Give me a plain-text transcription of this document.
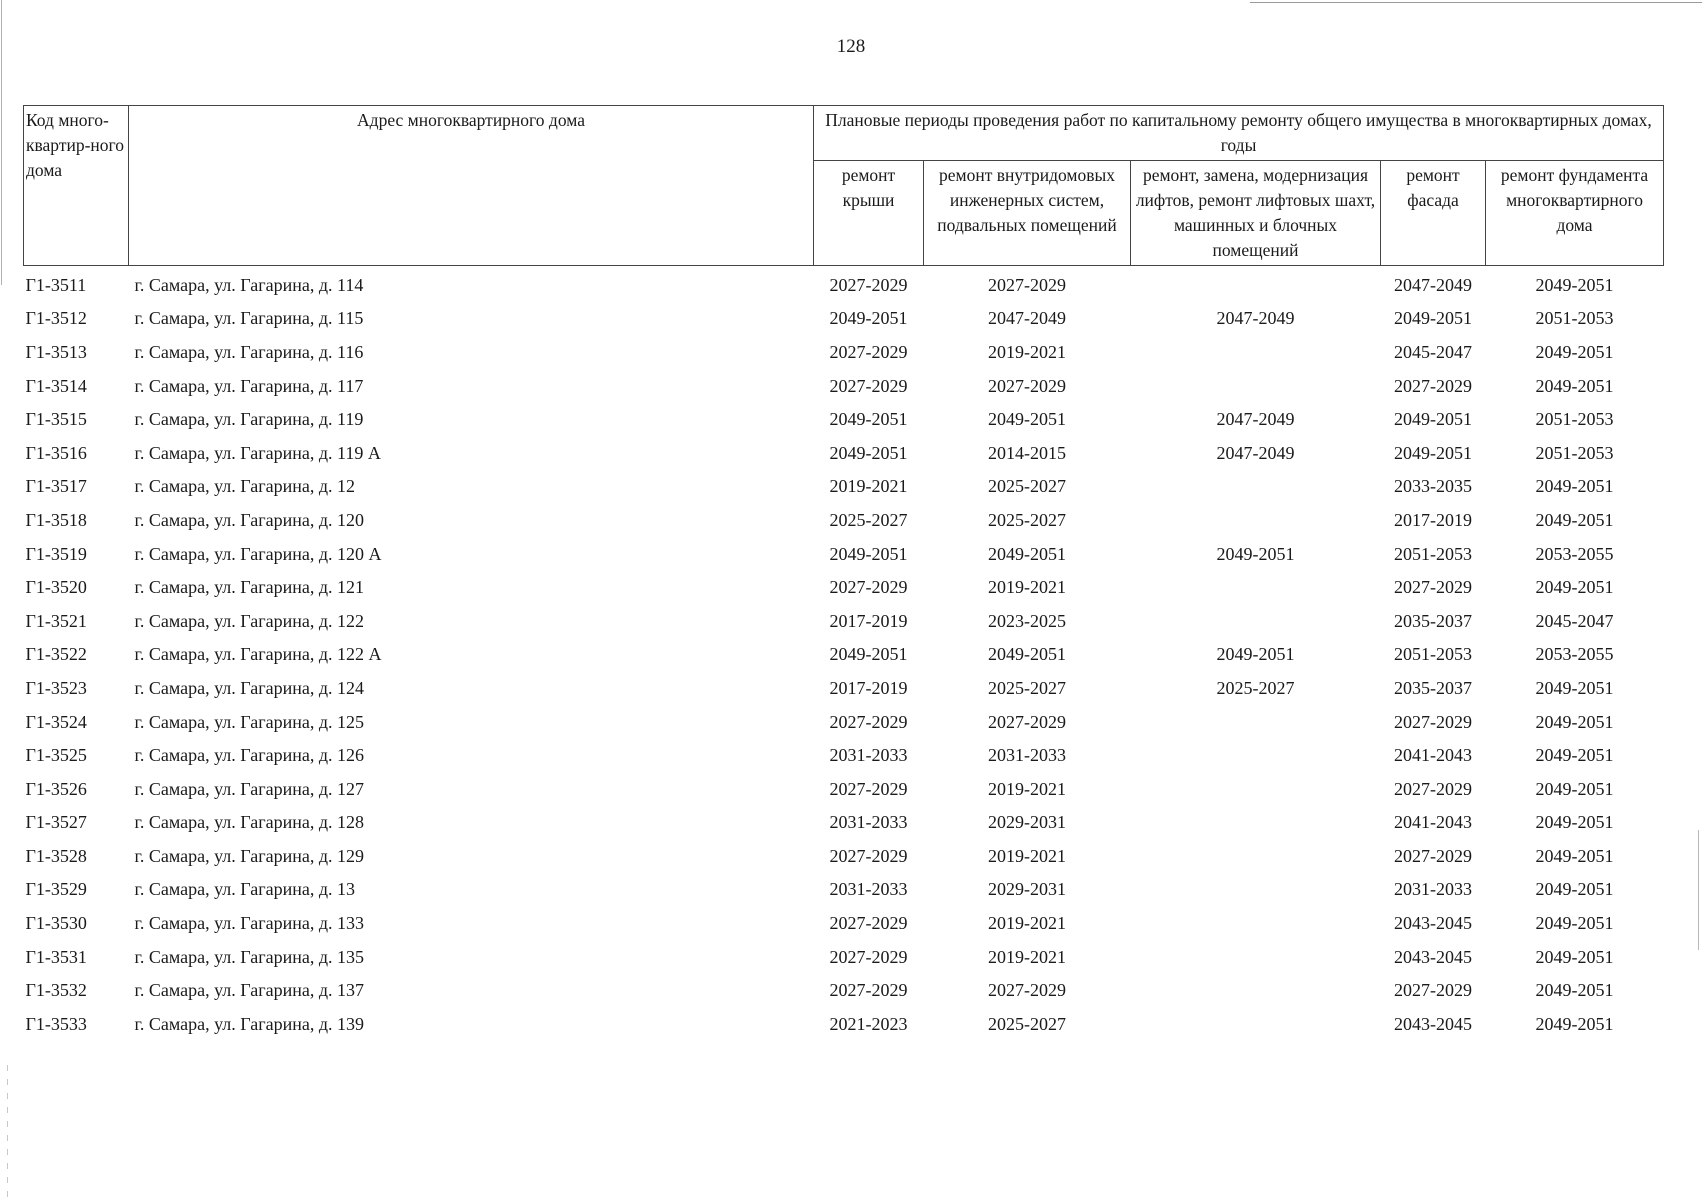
128
Код много-квартир-ного дома	Адрес многоквартирного дома	Плановые периоды проведения работ по капитальному ремонту общего имущества в многоквартирных домах, годы				
		ремонт крыши	ремонт внутридомовых инженерных систем, подвальных помещений	ремонт, замена, модернизация лифтов, ремонт лифтовых шахт, машинных и блочных помещений	ремонт фасада	ремонт фундамента многоквартирного дома
Г1-3511	г. Самара, ул. Гагарина, д. 114	2027-2029	2027-2029		2047-2049	2049-2051
Г1-3512	г. Самара, ул. Гагарина, д. 115	2049-2051	2047-2049	2047-2049	2049-2051	2051-2053
Г1-3513	г. Самара, ул. Гагарина, д. 116	2027-2029	2019-2021		2045-2047	2049-2051
Г1-3514	г. Самара, ул. Гагарина, д. 117	2027-2029	2027-2029		2027-2029	2049-2051
Г1-3515	г. Самара, ул. Гагарина, д. 119	2049-2051	2049-2051	2047-2049	2049-2051	2051-2053
Г1-3516	г. Самара, ул. Гагарина, д. 119 А	2049-2051	2014-2015	2047-2049	2049-2051	2051-2053
Г1-3517	г. Самара, ул. Гагарина, д. 12	2019-2021	2025-2027		2033-2035	2049-2051
Г1-3518	г. Самара, ул. Гагарина, д. 120	2025-2027	2025-2027		2017-2019	2049-2051
Г1-3519	г. Самара, ул. Гагарина, д. 120 А	2049-2051	2049-2051	2049-2051	2051-2053	2053-2055
Г1-3520	г. Самара, ул. Гагарина, д. 121	2027-2029	2019-2021		2027-2029	2049-2051
Г1-3521	г. Самара, ул. Гагарина, д. 122	2017-2019	2023-2025		2035-2037	2045-2047
Г1-3522	г. Самара, ул. Гагарина, д. 122 А	2049-2051	2049-2051	2049-2051	2051-2053	2053-2055
Г1-3523	г. Самара, ул. Гагарина, д. 124	2017-2019	2025-2027	2025-2027	2035-2037	2049-2051
Г1-3524	г. Самара, ул. Гагарина, д. 125	2027-2029	2027-2029		2027-2029	2049-2051
Г1-3525	г. Самара, ул. Гагарина, д. 126	2031-2033	2031-2033		2041-2043	2049-2051
Г1-3526	г. Самара, ул. Гагарина, д. 127	2027-2029	2019-2021		2027-2029	2049-2051
Г1-3527	г. Самара, ул. Гагарина, д. 128	2031-2033	2029-2031		2041-2043	2049-2051
Г1-3528	г. Самара, ул. Гагарина, д. 129	2027-2029	2019-2021		2027-2029	2049-2051
Г1-3529	г. Самара, ул. Гагарина, д. 13	2031-2033	2029-2031		2031-2033	2049-2051
Г1-3530	г. Самара, ул. Гагарина, д. 133	2027-2029	2019-2021		2043-2045	2049-2051
Г1-3531	г. Самара, ул. Гагарина, д. 135	2027-2029	2019-2021		2043-2045	2049-2051
Г1-3532	г. Самара, ул. Гагарина, д. 137	2027-2029	2027-2029		2027-2029	2049-2051
Г1-3533	г. Самара, ул. Гагарина, д. 139	2021-2023	2025-2027		2043-2045	2049-2051
